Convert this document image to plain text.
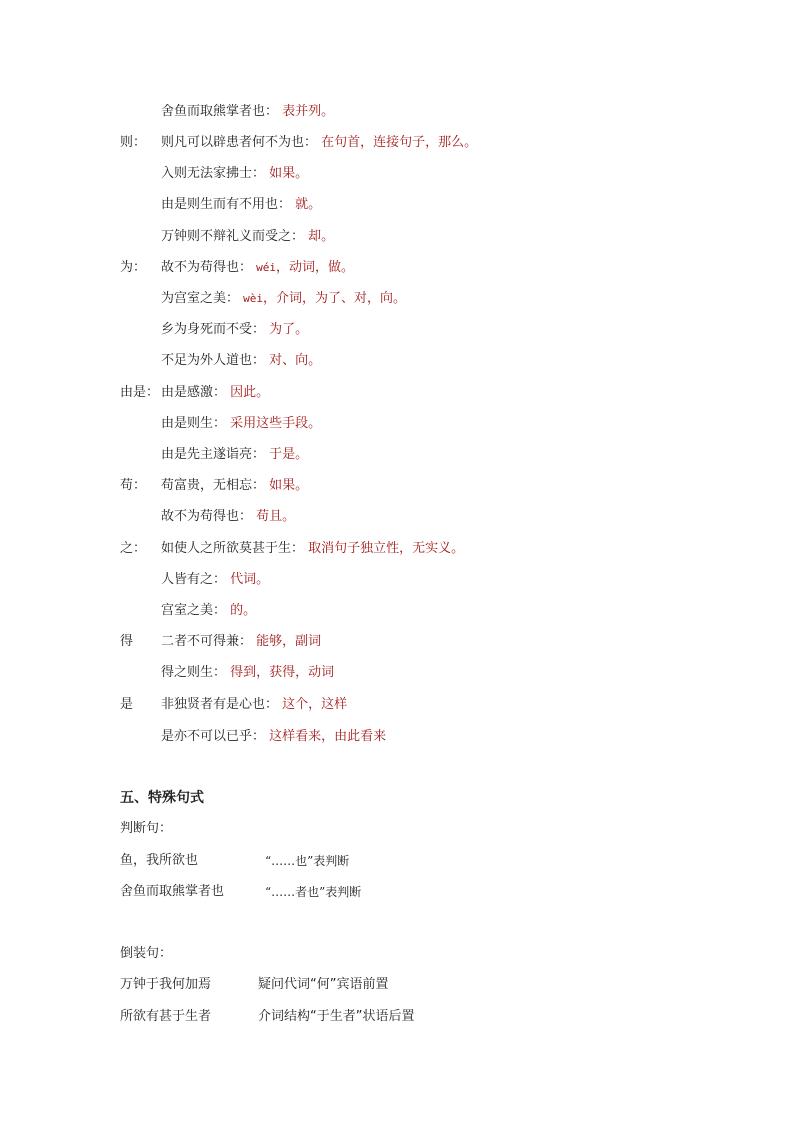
舍鱼而取熊掌者也： 表并列。
则： 则凡可以辟患者何不为也： 在句首，连接句子，那么。
入则无法家拂士： 如果。
由是则生而有不用也： 就。
万钟则不辩礼义而受之： 却。
为： 故不为苟得也： wéi，动词，做。
为宫室之美： wèi，介词，为了、对，向。
乡为身死而不受： 为了。
不足为外人道也： 对、向。
由是： 由是感激： 因此。
由是则生： 采用这些手段。
由是先主遂诣亮： 于是。
苟： 苟富贵，无相忘： 如果。
故不为苟得也： 苟且。
之： 如使人之所欲莫甚于生： 取消句子独立性，无实义。
人皆有之： 代词。
宫室之美： 的。
得 二者不可得兼： 能够，副词
得之则生： 得到，获得，动词
是 非独贤者有是心也： 这个，这样
是亦不可以已乎： 这样看来，由此看来
五、特殊句式
判断句：
鱼，我所欲也	“……也”表判断
舍鱼而取熊掌者也	“……者也”表判断
倒装句：
万钟于我何加焉	疑问代词“何”宾语前置
所欲有甚于生者	介词结构“于生者”状语后置
